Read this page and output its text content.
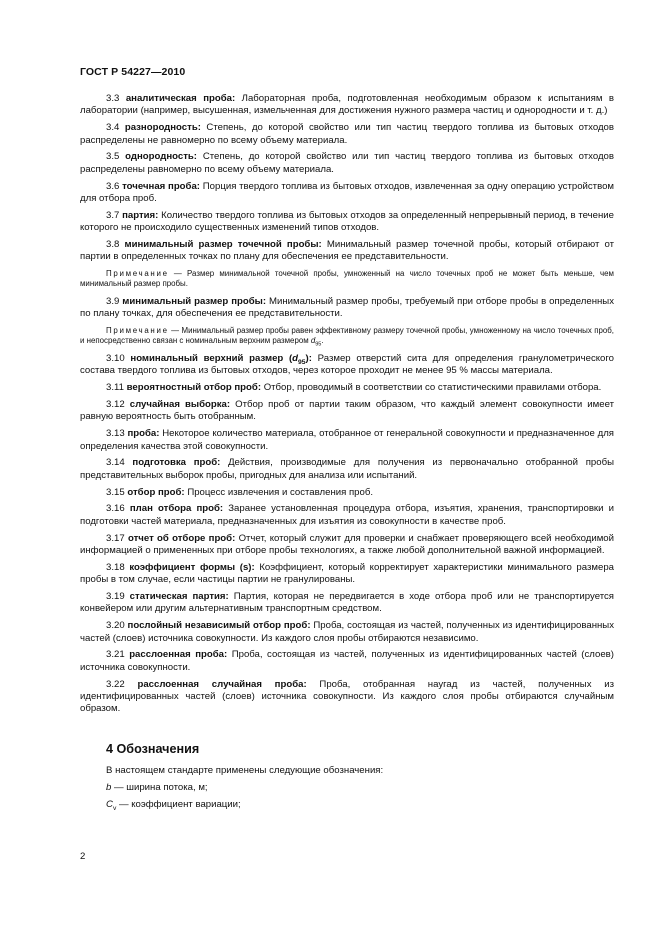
ГОСТ Р 54227—2010

3.3 аналитическая проба: Лабораторная проба, подготовленная необходимым образом к испытаниям в лаборатории (например, высушенная, измельченная для достижения нужного размера частиц и однородности и т. д.)

3.4 разнородность: Степень, до которой свойство или тип частиц твердого топлива из бытовых отходов распределены не равномерно по всему объему материала.

3.5 однородность: Степень, до которой свойство или тип частиц твердого топлива из бытовых отходов распределены равномерно по всему объему материала.

3.6 точечная проба: Порция твердого топлива из бытовых отходов, извлеченная за одну операцию устройством для отбора проб.

3.7 партия: Количество твердого топлива из бытовых отходов за определенный непрерывный период, в течение которого не происходило существенных изменений типов отходов.

3.8 минимальный размер точечной пробы: Минимальный размер точечной пробы, который отбирают от партии в определенных точках по плану для обеспечения ее представительности.

Примечание — Размер минимальной точечной пробы, умноженный на число точечных проб не может быть меньше, чем минимальный размер пробы.

3.9 минимальный размер пробы: Минимальный размер пробы, требуемый при отборе пробы в определенных по плану точках, для обеспечения ее представительности.

Примечание — Минимальный размер пробы равен эффективному размеру точечной пробы, умноженному на число точечных проб, и непосредственно связан с номинальным верхним размером $d_{95}$.

3.10 номинальный верхний размер $(d_{95})$: Размер отверстий сита для определения гранулометрического состава твердого топлива из бытовых отходов, через которое проходит не менее 95 % массы материала.

3.11 вероятностный отбор проб: Отбор, проводимый в соответствии со статистическими правилами отбора.

3.12 случайная выборка: Отбор проб от партии таким образом, что каждый элемент совокупности имеет равную вероятность быть отобранным.

3.13 проба: Некоторое количество материала, отобранное от генеральной совокупности и предназначенное для определения качества этой совокупности.

3.14 подготовка проб: Действия, производимые для получения из первоначально отобранной пробы представительных выборок пробы, пригодных для анализа или испытаний.

3.15 отбор проб: Процесс извлечения и составления проб.

3.16 план отбора проб: Заранее установленная процедура отбора, изъятия, хранения, транспортировки и подготовки частей материала, предназначенных для изъятия из совокупности в качестве проб.

3.17 отчет об отборе проб: Отчет, который служит для проверки и снабжает проверяющего всей необходимой информацией о примененных при отборе пробы технологиях, а также любой дополнительной важной информацией.

3.18 коэффициент формы (s): Коэффициент, который корректирует характеристики минимального размера пробы в том случае, если частицы партии не гранулированы.

3.19 статическая партия: Партия, которая не передвигается в ходе отбора проб или не транспортируется конвейером или другим альтернативным транспортным средством.

3.20 послойный независимый отбор проб: Проба, состоящая из частей, полученных из идентифицированных частей (слоев) источника совокупности. Из каждого слоя пробы отбираются независимо.

3.21 расслоенная проба: Проба, состоящая из частей, полученных из идентифицированных частей (слоев) источника совокупности.

3.22 расслоенная случайная проба: Проба, отобранная наугад из частей, полученных из идентифицированных частей (слоев) источника совокупности. Из каждого слоя пробы отбираются случайным образом.

4 Обозначения

В настоящем стандарте применены следующие обозначения:

b — ширина потока, м;

$C_v$ — коэффициент вариации;

2
